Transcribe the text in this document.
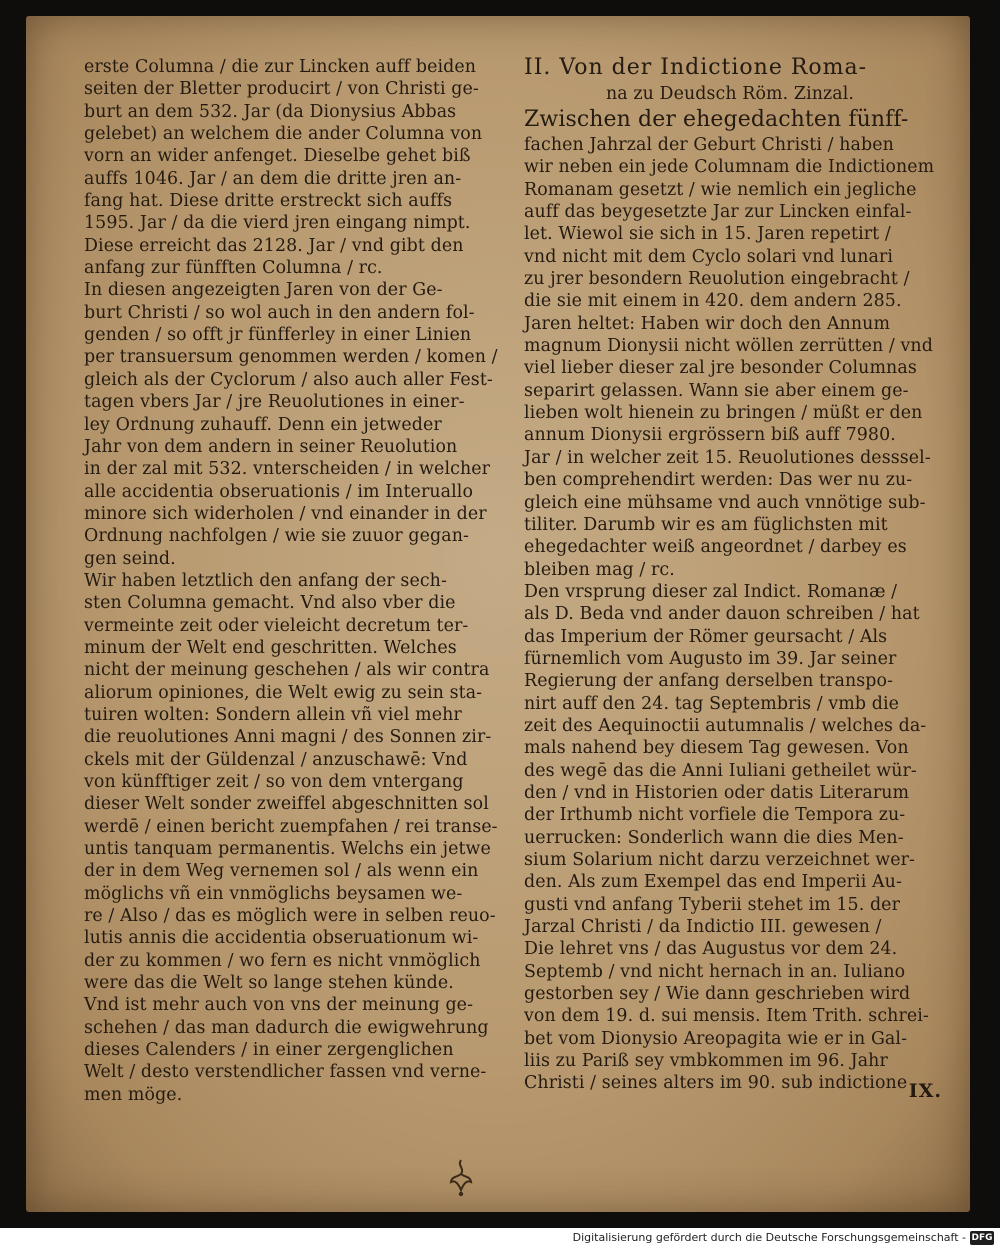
erste Columna / die zur Lincken auff beiden
seiten der Bletter producirt / von Christi ge-
burt an dem 532. Jar (da Dionysius Abbas
gelebet) an welchem die ander Columna von
vorn an wider anfenget. Dieselbe gehet biß
auffs 1046. Jar / an dem die dritte jren an-
fang hat. Diese dritte erstreckt sich auffs
1595. Jar / da die vierd jren eingang nimpt.
Diese erreicht das 2128. Jar / vnd gibt den
anfang zur fünfften Columna / rc.
In diesen angezeigten Jaren von der Ge-
burt Christi / so wol auch in den andern fol-
genden / so offt jr fünfferley in einer Linien
per transuersum genommen werden / komen /
gleich als der Cyclorum / also auch aller Fest-
tagen vbers Jar / jre Reuolutiones in einer-
ley Ordnung zuhauff. Denn ein jetweder
Jahr von dem andern in seiner Reuolution
in der zal mit 532. vnterscheiden / in welcher
alle accidentia obseruationis / im Interuallo
minore sich widerholen / vnd einander in der
Ordnung nachfolgen / wie sie zuuor gegan-
gen seind.
Wir haben letztlich den anfang der sech-
sten Columna gemacht. Vnd also vber die
vermeinte zeit oder vieleicht decretum ter-
minum der Welt end geschritten. Welches
nicht der meinung geschehen / als wir contra
aliorum opiniones, die Welt ewig zu sein sta-
tuiren wolten: Sondern allein vñ viel mehr
die reuolutiones Anni magni / des Sonnen zir-
ckels mit der Güldenzal / anzuschawē: Vnd
von künfftiger zeit / so von dem vntergang
dieser Welt sonder zweiffel abgeschnitten sol
werdē / einen bericht zuempfahen / rei transe-
untis tanquam permanentis. Welchs ein jetwe
der in dem Weg vernemen sol / als wenn ein
möglichs vñ ein vnmöglichs beysamen we-
re / Also / das es möglich were in selben reuo-
lutis annis die accidentia obseruationum wi-
der zu kommen / wo fern es nicht vnmöglich
were das die Welt so lange stehen künde.
Vnd ist mehr auch von vns der meinung ge-
schehen / das man dadurch die ewigwehrung
dieses Calenders / in einer zergenglichen
Welt / desto verstendlicher fassen vnd verne-
men möge.
II. Von der Indictione Roma-
na zu Deudsch Röm. Zinzal.
Zwischen der ehegedachten fünff-
fachen Jahrzal der Geburt Christi / haben
wir neben ein jede Columnam die Indictionem
Romanam gesetzt / wie nemlich ein jegliche
auff das beygesetzte Jar zur Lincken einfal-
let. Wiewol sie sich in 15. Jaren repetirt /
vnd nicht mit dem Cyclo solari vnd lunari
zu jrer besondern Reuolution eingebracht /
die sie mit einem in 420. dem andern 285.
Jaren heltet: Haben wir doch den Annum
magnum Dionysii nicht wöllen zerrütten / vnd
viel lieber dieser zal jre besonder Columnas
separirt gelassen. Wann sie aber einem ge-
lieben wolt hienein zu bringen / müßt er den
annum Dionysii ergrössern biß auff 7980.
Jar / in welcher zeit 15. Reuolutiones desssel-
ben comprehendirt werden: Das wer nu zu-
gleich eine mühsame vnd auch vnnötige sub-
tiliter. Darumb wir es am füglichsten mit
ehegedachter weiß angeordnet / darbey es
bleiben mag / rc.
Den vrsprung dieser zal Indict. Romanæ /
als D. Beda vnd ander dauon schreiben / hat
das Imperium der Römer geursacht / Als
fürnemlich vom Augusto im 39. Jar seiner
Regierung der anfang derselben transpo-
nirt auff den 24. tag Septembris / vmb die
zeit des Aequinoctii autumnalis / welches da-
mals nahend bey diesem Tag gewesen. Von
des wegē das die Anni Iuliani getheilet wür-
den / vnd in Historien oder datis Literarum
der Irthumb nicht vorfiele die Tempora zu-
uerrucken: Sonderlich wann die dies Men-
sium Solarium nicht darzu verzeichnet wer-
den. Als zum Exempel das end Imperii Au-
gusti vnd anfang Tyberii stehet im 15. der
Jarzal Christi / da Indictio III. gewesen /
Die lehret vns / das Augustus vor dem 24.
Septemb / vnd nicht hernach in an. Iuliano
gestorben sey / Wie dann geschrieben wird
von dem 19. d. sui mensis. Item Trith. schrei-
bet vom Dionysio Areopagita wie er in Gal-
liis zu Pariß sey vmbkommen im 96. Jahr
Christi / seines alters im 90. sub indictione IX.
Digitalisierung gefördert durch die Deutsche Forschungsgemeinschaft - DFG
